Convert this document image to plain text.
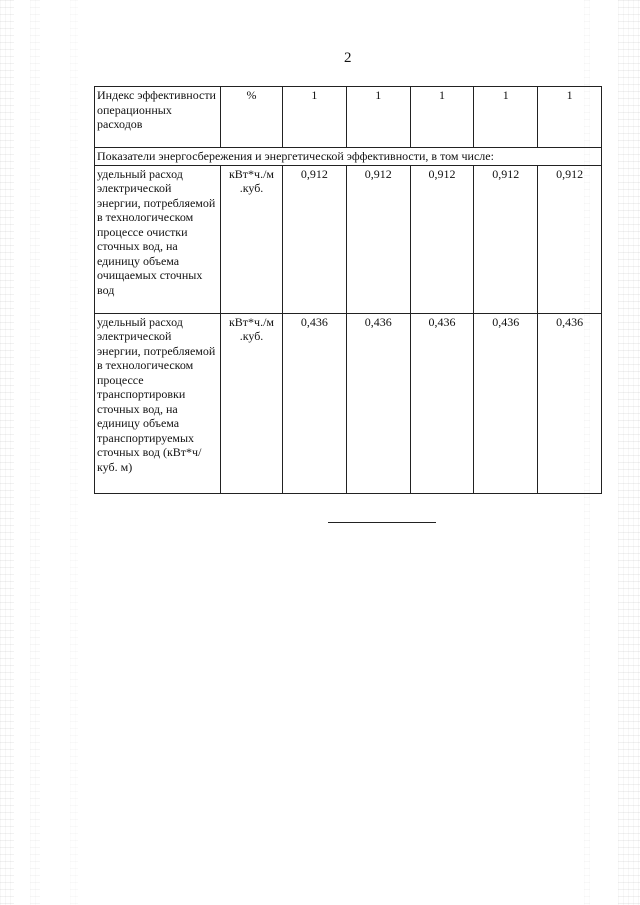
2
Индекс эффективности операционных расходов	%	1	1	1	1	1
Показатели энергосбережения и энергетической эффективности, в том числе:						
удельный расход электрической энергии, потребляемой в технологическом процессе очистки сточных вод, на единицу объема очищаемых сточных вод	кВт*ч./м .куб.	0,912	0,912	0,912	0,912	0,912
удельный расход электрической энергии, потребляемой в технологическом процессе транспортировки сточных вод, на единицу объема транспортируемых сточных вод (кВт*ч/куб. м)	кВт*ч./м .куб.	0,436	0,436	0,436	0,436	0,436
